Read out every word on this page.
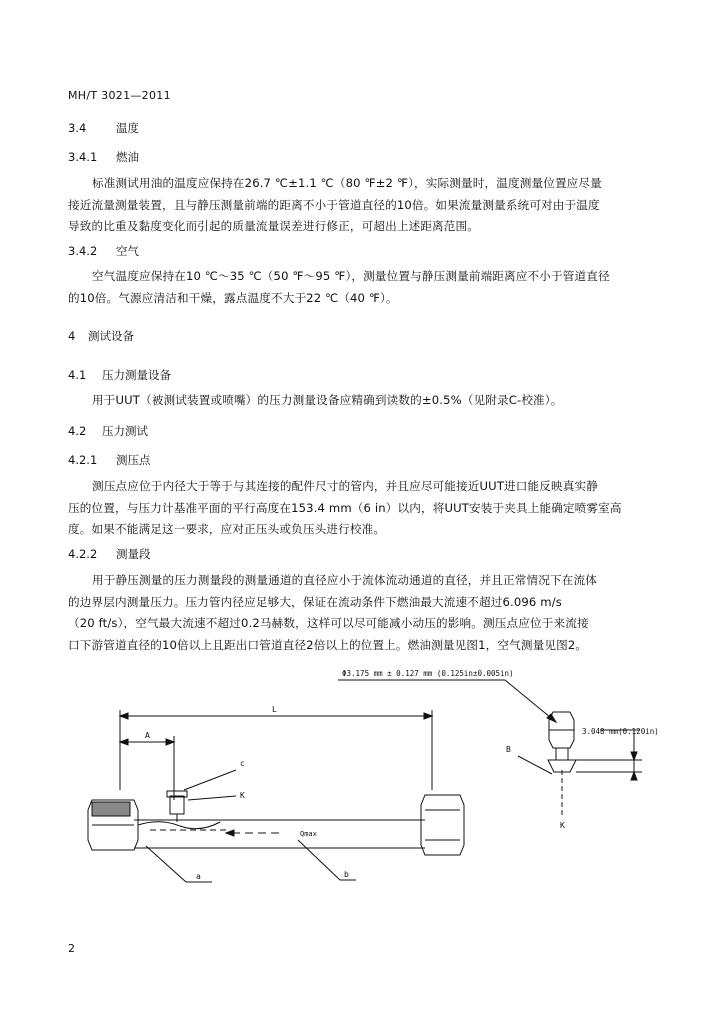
MH/T 3021—2011
3.4	温度
3.4.1 燃油
标准测试用油的温度应保持在26.7 ℃±1.1 ℃（80 ℉±2 ℉），实际测量时，温度测量位置应尽量
接近流量测量装置，且与静压测量前端的距离不小于管道直径的10倍。如果流量测量系统可对由于温度
导致的比重及黏度变化而引起的质量流量误差进行修正，可超出上述距离范围。
3.4.2 空气
空气温度应保持在10 ℃～35 ℃（50 ℉～95 ℉），测量位置与静压测量前端距离应不小于管道直径
的10倍。气源应清洁和干燥，露点温度不大于22 ℃（40 ℉）。
4 测试设备
4.1 压力测量设备
用于UUT（被测试装置或喷嘴）的压力测量设备应精确到读数的±0.5%（见附录C-校准）。
4.2 压力测试
4.2.1 测压点
测压点应位于内径大于等于与其连接的配件尺寸的管内，并且应尽可能接近UUT进口能反映真实静
压的位置，与压力计基准平面的平行高度在153.4 mm（6 in）以内，将UUT安装于夹具上能确定喷雾室高
度。如果不能满足这一要求，应对正压头或负压头进行校准。
4.2.2 测量段
用于静压测量的压力测量段的测量通道的直径应小于流体流动通道的直径，并且正常情况下在流体
的边界层内测量压力。压力管内径应足够大，保证在流动条件下燃油最大流速不超过6.096 m/s
（20 ft/s），空气最大流速不超过0.2马赫数，这样可以尽可能减小动压的影响。测压点应位于来流接
口下游管道直径的10倍以上且距出口管道直径2倍以上的位置上。燃油测量见图1，空气测量见图2。
L
A
c
K
a	b
Qmax
Φ3.175 mm ± 0.127 mm (0.125in±0.005in)
3.048 mm(0.120in)
B
K
2
